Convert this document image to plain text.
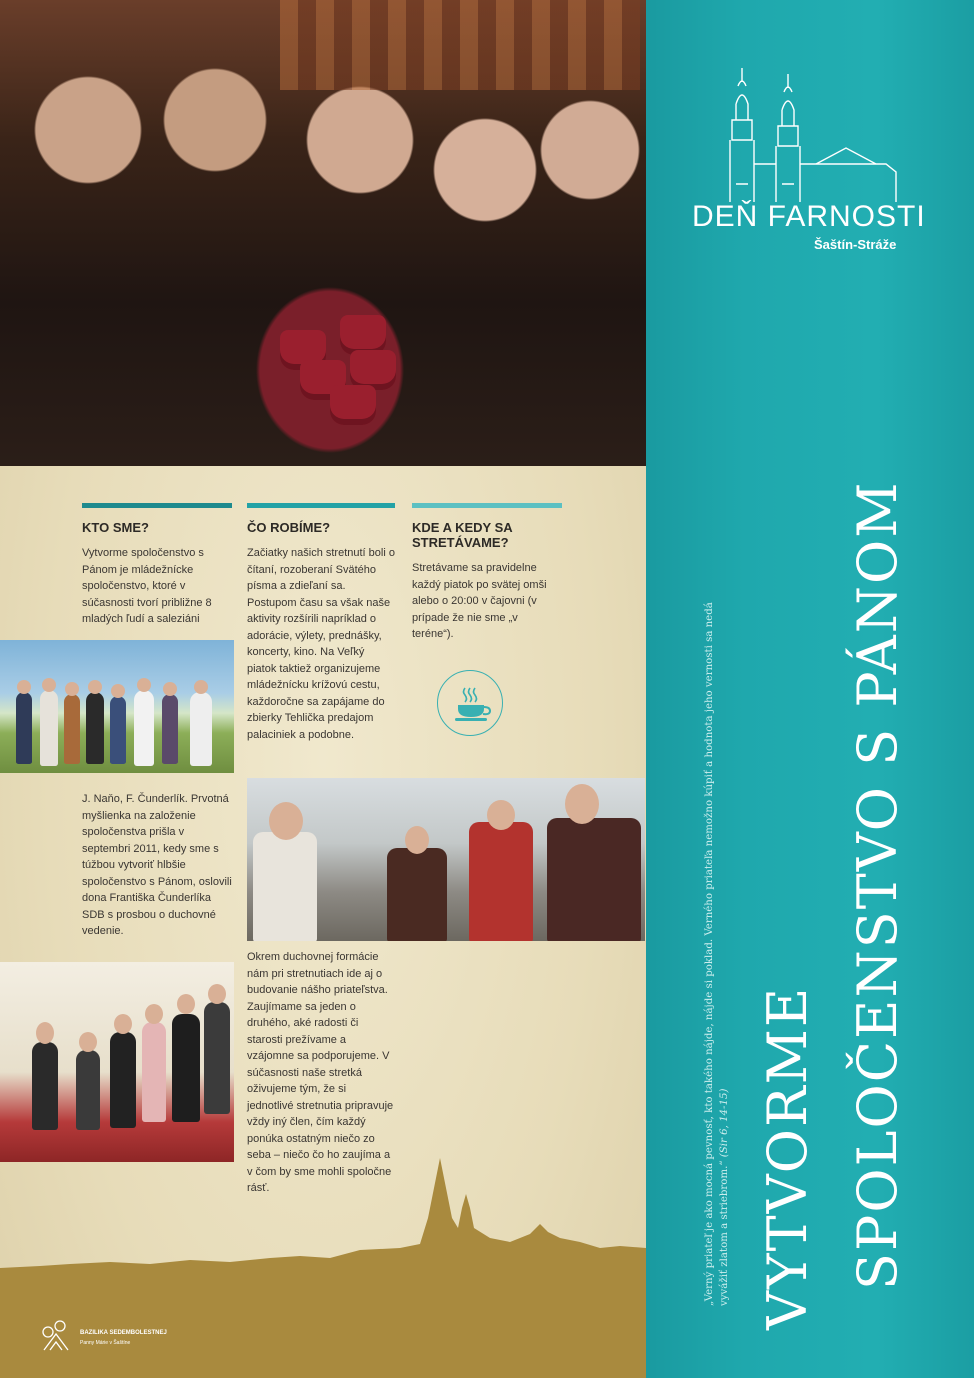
KTO SME?
Vytvorme spoločenstvo s Pánom je mládežnícke spoločenstvo, ktoré v súčasnosti tvorí približne 8 mladých ľudí a saleziáni
ČO ROBÍME?
Začiatky našich stretnutí boli o čítaní, rozoberaní Svätého písma a zdieľaní sa. Postupom času sa však naše aktivity rozšírili napríklad o adorácie, výlety, prednášky, koncerty, kino. Na Veľký piatok taktiež organizujeme mládežnícku krížovú cestu, každoročne sa zapájame do zbierky Tehlička predajom palaciniek a podobne.
KDE A KEDY SA STRETÁVAME?
Stretávame sa pravidelne každý piatok po svätej omši alebo o 20:00 v čajovni (v prípade že nie sme „v teréne“).
J. Naňo, F. Čunderlík. Prvotná myšlienka na založenie spoločenstva prišla v septembri 2011, kedy sme s túžbou vytvoriť hlbšie spoločenstvo s Pánom, oslovili dona Františka Čunderlíka SDB s prosbou o duchovné vedenie.
Okrem duchovnej formácie nám pri stretnutiach ide aj o budovanie nášho priateľstva. Zaujímame sa jeden o druhého, aké radosti či starosti prežívame a vzájomne sa podporujeme. V súčasnosti naše stretká oživujeme tým, že si jednotlivé stretnutia pripravuje vždy iný člen, čím každý ponúka ostatným niečo zo seba – niečo čo ho zaujíma a v čom by sme mohli spoločne rásť.
BAZILIKA SEDEMBOLESTNEJ
Panny Márie v Šaštíne
DEŇ FARNOSTI
Šaštín-Stráže
VYTVORME SPOLOČENSTVO S PÁNOM
„Verný priateľ je ako mocná pevnosť, kto takého nájde, nájde si poklad. Verného priateľa nemožno kúpiť a hodnota jeho vernosti sa nedá vyvážiť zlatom a striebrom.“ (Sir 6, 14-15)
